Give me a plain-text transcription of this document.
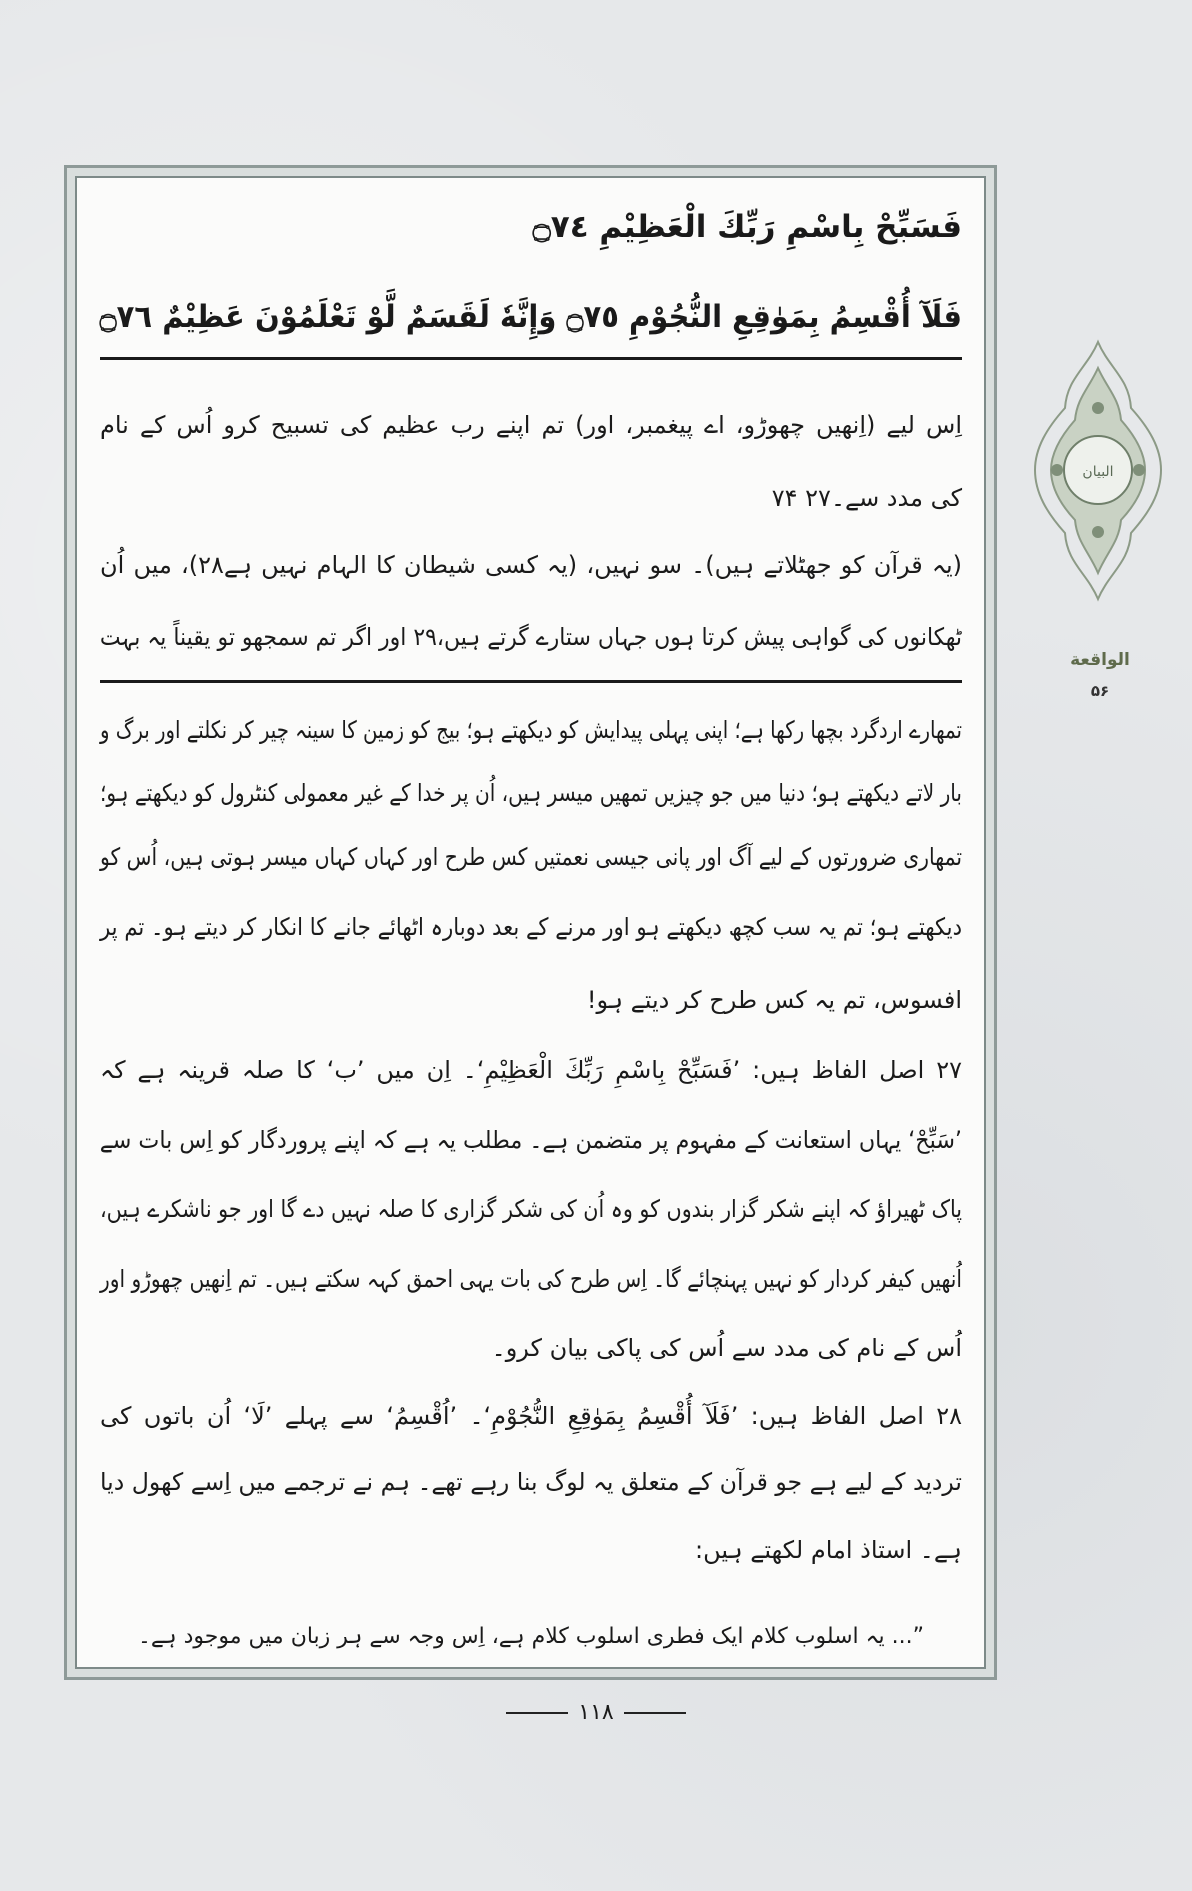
فَسَبِّحْ بِاسْمِ رَبِّكَ الْعَظِيْمِ ۝٧٤
فَلَآ أُقْسِمُ بِمَوٰقِعِ النُّجُوْمِ ۝٧٥ وَإِنَّهٗ لَقَسَمٌ لَّوْ تَعْلَمُوْنَ عَظِيْمٌ ۝٧٦
اِس لیے (اِنھیں چھوڑو، اے پیغمبر، اور) تم اپنے رب عظیم کی تسبیح کرو اُس کے نام
کی مدد سے۔۲۷ ۷۴
(یہ قرآن کو جھٹلاتے ہیں)۔ سو نہیں، (یہ کسی شیطان کا الہام نہیں ہے۲۸)، میں اُن
ٹھکانوں کی گواہی پیش کرتا ہوں جہاں ستارے گرتے ہیں،۲۹ اور اگر تم سمجھو تو یقیناً یہ بہت
تمھارے اردگرد بچھا رکھا ہے؛ اپنی پہلی پیدایش کو دیکھتے ہو؛ بیج کو زمین کا سینہ چیر کر نکلتے اور برگ و
بار لاتے دیکھتے ہو؛ دنیا میں جو چیزیں تمھیں میسر ہیں، اُن پر خدا کے غیر معمولی کنٹرول کو دیکھتے ہو؛
تمھاری ضرورتوں کے لیے آگ اور پانی جیسی نعمتیں کس طرح اور کہاں کہاں میسر ہوتی ہیں، اُس کو
دیکھتے ہو؛ تم یہ سب کچھ دیکھتے ہو اور مرنے کے بعد دوبارہ اٹھائے جانے کا انکار کر دیتے ہو۔ تم پر
افسوس، تم یہ کس طرح کر دیتے ہو!
۲۷ اصل الفاظ ہیں: ’فَسَبِّحْ بِاسْمِ رَبِّكَ الْعَظِيْمِ‘۔ اِن میں ’ب‘ کا صلہ قرینہ ہے کہ
’سَبِّحْ‘ یہاں استعانت کے مفہوم پر متضمن ہے۔ مطلب یہ ہے کہ اپنے پروردگار کو اِس بات سے
پاک ٹھیراؤ کہ اپنے شکر گزار بندوں کو وہ اُن کی شکر گزاری کا صلہ نہیں دے گا اور جو ناشکرے ہیں،
اُنھیں کیفر کردار کو نہیں پہنچائے گا۔ اِس طرح کی بات یہی احمق کہہ سکتے ہیں۔ تم اِنھیں چھوڑو اور
اُس کے نام کی مدد سے اُس کی پاکی بیان کرو۔
۲۸ اصل الفاظ ہیں: ’فَلَآ أُقْسِمُ بِمَوٰقِعِ النُّجُوْمِ‘۔ ’اُقْسِمُ‘ سے پہلے ’لَا‘ اُن باتوں کی
تردید کے لیے ہے جو قرآن کے متعلق یہ لوگ بنا رہے تھے۔ ہم نے ترجمے میں اِسے کھول دیا
ہے۔ استاذ امام لکھتے ہیں:
”... یہ اسلوب کلام ایک فطری اسلوب کلام ہے، اِس وجہ سے ہر زبان میں موجود ہے۔
البيان
الواقعة
۵۶
۱۱۸
